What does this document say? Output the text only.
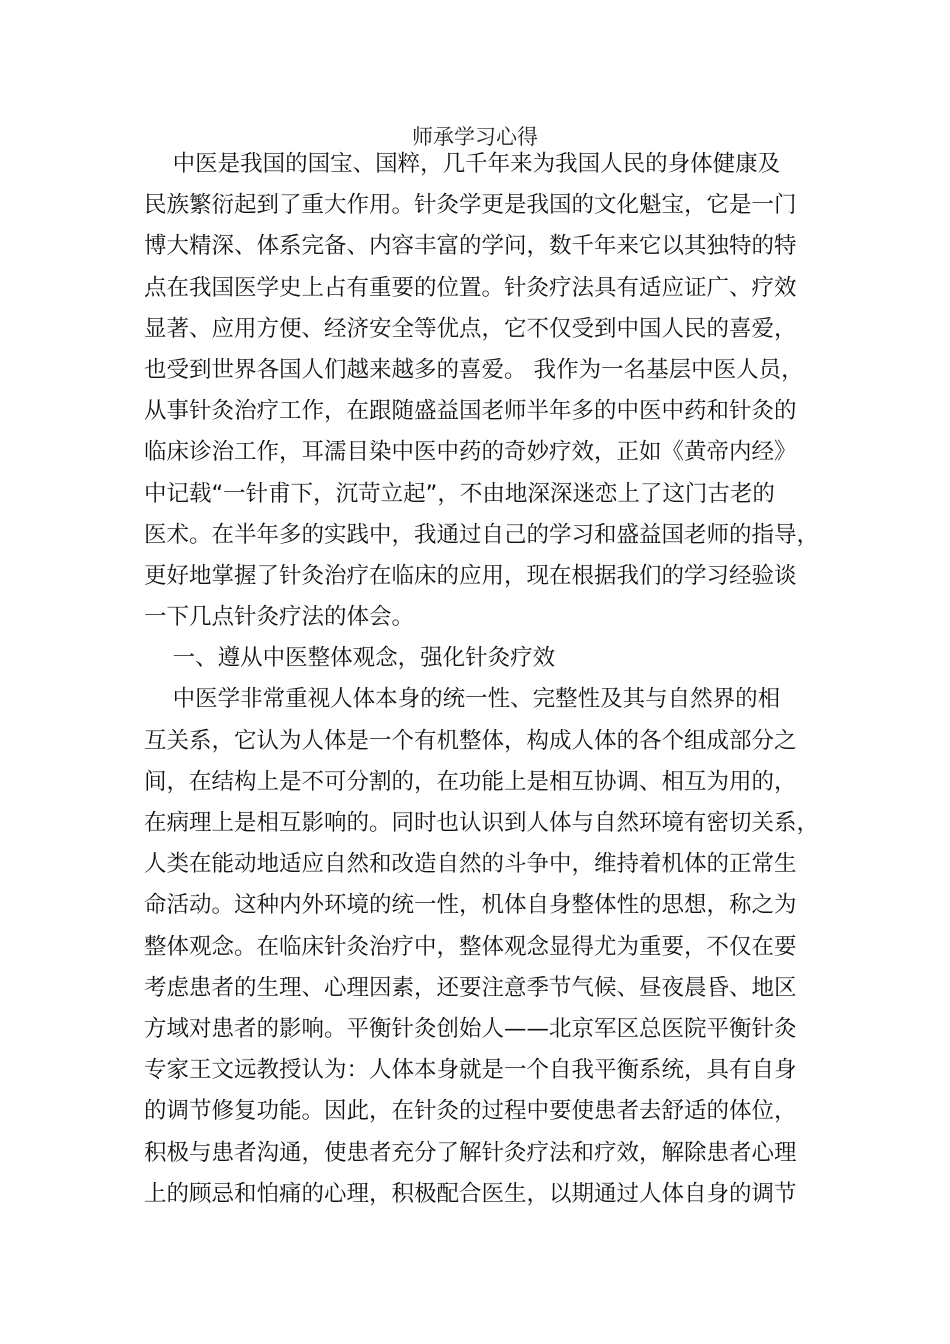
师承学习心得
中医是我国的国宝、国粹，几千年来为我国人民的身体健康及
民族繁衍起到了重大作用。针灸学更是我国的文化魁宝，它是一门
博大精深、体系完备、内容丰富的学问，数千年来它以其独特的特
点在我国医学史上占有重要的位置。针灸疗法具有适应证广、疗效
显著、应用方便、经济安全等优点，它不仅受到中国人民的喜爱，
也受到世界各国人们越来越多的喜爱。 我作为一名基层中医人员，
从事针灸治疗工作，在跟随盛益国老师半年多的中医中药和针灸的
临床诊治工作，耳濡目染中医中药的奇妙疗效，正如《黄帝内经》
中记载“一针甫下，沉苛立起”，不由地深深迷恋上了这门古老的
医术。在半年多的实践中，我通过自己的学习和盛益国老师的指导，
更好地掌握了针灸治疗在临床的应用，现在根据我们的学习经验谈
一下几点针灸疗法的体会。
一、遵从中医整体观念，强化针灸疗效
中医学非常重视人体本身的统一性、完整性及其与自然界的相
互关系，它认为人体是一个有机整体，构成人体的各个组成部分之
间，在结构上是不可分割的，在功能上是相互协调、相互为用的，
在病理上是相互影响的。同时也认识到人体与自然环境有密切关系，
人类在能动地适应自然和改造自然的斗争中，维持着机体的正常生
命活动。这种内外环境的统一性，机体自身整体性的思想，称之为
整体观念。在临床针灸治疗中，整体观念显得尤为重要，不仅在要
考虑患者的生理、心理因素，还要注意季节气候、昼夜晨昏、地区
方域对患者的影响。平衡针灸创始人——北京军区总医院平衡针灸
专家王文远教授认为：人体本身就是一个自我平衡系统，具有自身
的调节修复功能。因此，在针灸的过程中要使患者去舒适的体位，
积极与患者沟通，使患者充分了解针灸疗法和疗效，解除患者心理
上的顾忌和怕痛的心理，积极配合医生，以期通过人体自身的调节
